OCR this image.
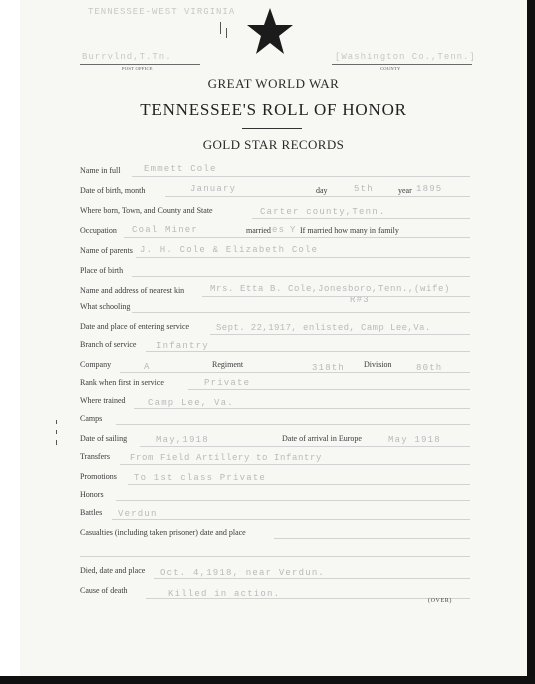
TENNESSEE-WEST VIRGINIA
Burrvlnd,T.Tn.
POST OFFICE
[Washington Co.,Tenn.]
COUNTY
GREAT WORLD WAR
TENNESSEE'S ROLL OF HONOR
GOLD STAR RECORDS
Name in full	Emmett Cole
Date of birth, month	January	day	5th	year 1895
Where born, Town, and County and State	Carter county,Tenn.
Occupation Coal Miner	married es Y If married how many in family
Name of parents J. H. Cole & Elizabeth Cole
Place of birth
Name and address of nearest kin	Mrs. Etta B. Cole,Jonesboro,Tenn.,(wife)
R#3
What schooling
Date and place of entering service	Sept. 22,1917, enlisted, Camp Lee,Va.
Branch of service Infantry
Company	A	Regiment	318th Division	80th
Rank when first in service	Private
Where trained Camp Lee, Va.
Camps
Date of sailing	May,1918	Date of arrival in Europe	May 1918
Transfers From Field Artillery to Infantry
Promotions To 1st class Private
Honors
Battles Verdun
Casualties (including taken prisoner) date and place
Died, date and place Oct. 4,1918, near Verdun.
Cause of death	Killed in action.
(OVER)
